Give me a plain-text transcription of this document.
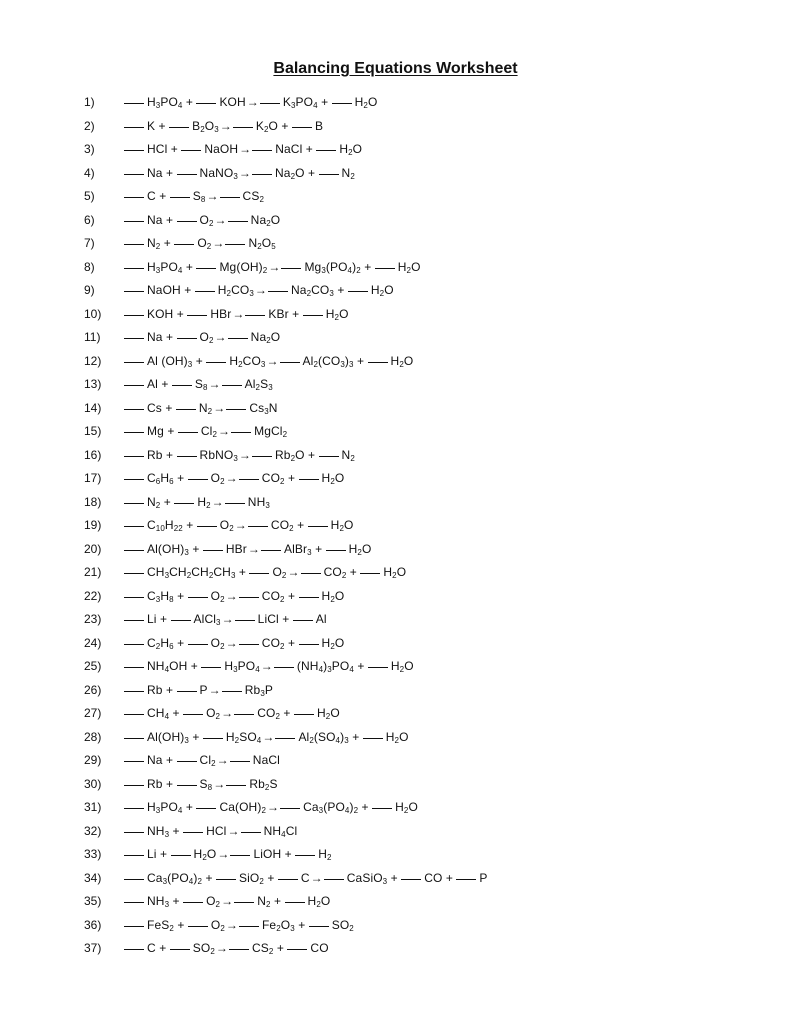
Balancing Equations Worksheet
1)	$H_3PO_4 + KOH\to K_3PO_4 + H_2O$
2)	$K + B_2O_3\to K_2O + B$
3)	HCl + NaOH→NaCl + $H_2O$
4)	$Na + NaNO_3\to Na_2O + N_2$
5)	$C + S_8\to CS_2$
6)	$Na + O_2\to Na_2O$
7)	$N_2 + O_2\to N_2O_5$
8)	$H_3PO_4 + Mg(OH)_2\to Mg_3(PO_4)_2 + H_2O$
9)	NaOH + $H_2CO_3\to Na_2CO_3 + H_2O$
10)	KOH + $HBr\to KBr + H_2O$
11)	$Na + O_2\to Na_2O$
12)	Al $(OH)_3 + H_2CO_3\to Al_2(CO_3)_3 + H_2O$
13)	$Al + S_8\to Al_2S_3$
14)	$Cs + N_2\to Cs_3N$
15)	$Mg + Cl_2\to MgCl_2$
16)	$Rb + RbNO_3\to Rb_2O + N_2$
17)	$C_6H_6 + O_2\to CO_2 + H_2O$
18)	$N_2 + H_2\to NH_3$
19)	$C_{10}H_{22} + O_2\to CO_2 + H_2O$
20)	$Al(OH)_3$ + HBr→AlBr$_3$ + $H_2O$
21)	$CH_3CH_2CH_2CH_3 + O_2\to CO_2 + H_2O$
22)	$C_3H_8 + O_2\to CO_2 + H_2O$
23)	Li + AlCl$_3$→LiCl + Al
24)	$C_2H_6 + O_2\to CO_2 + H_2O$
25)	$NH_4OH + H_3PO_4\to(NH_4)_3PO_4 + H_2O$
26)	$Rb + P\to Rb_3P$
27)	$CH_4 + O_2\to CO_2 + H_2O$
28)	$Al(OH)_3 + H_2SO_4\to Al_2(SO_4)_3 + H_2O$
29)	$Na + Cl_2\to NaCl$
30)	$Rb + S_8\to Rb_2S$
31)	$H_3PO_4 + Ca(OH)_2\to Ca_3(PO_4)_2 + H_2O$
32)	$NH_3 + HCl\to NH_4Cl$
33)	$Li + H_2O\to LiOH + H_2$
34)	$Ca_3(PO_4)_2 + SiO_2$ + C→CaSiO$_3$ + CO + P
35)	$NH_3 + O_2\to N_2 + H_2O$
36)	$FeS_2 + O_2\to Fe_2O_3 + SO_2$
37)	$C + SO_2\to CS_2$ + CO
